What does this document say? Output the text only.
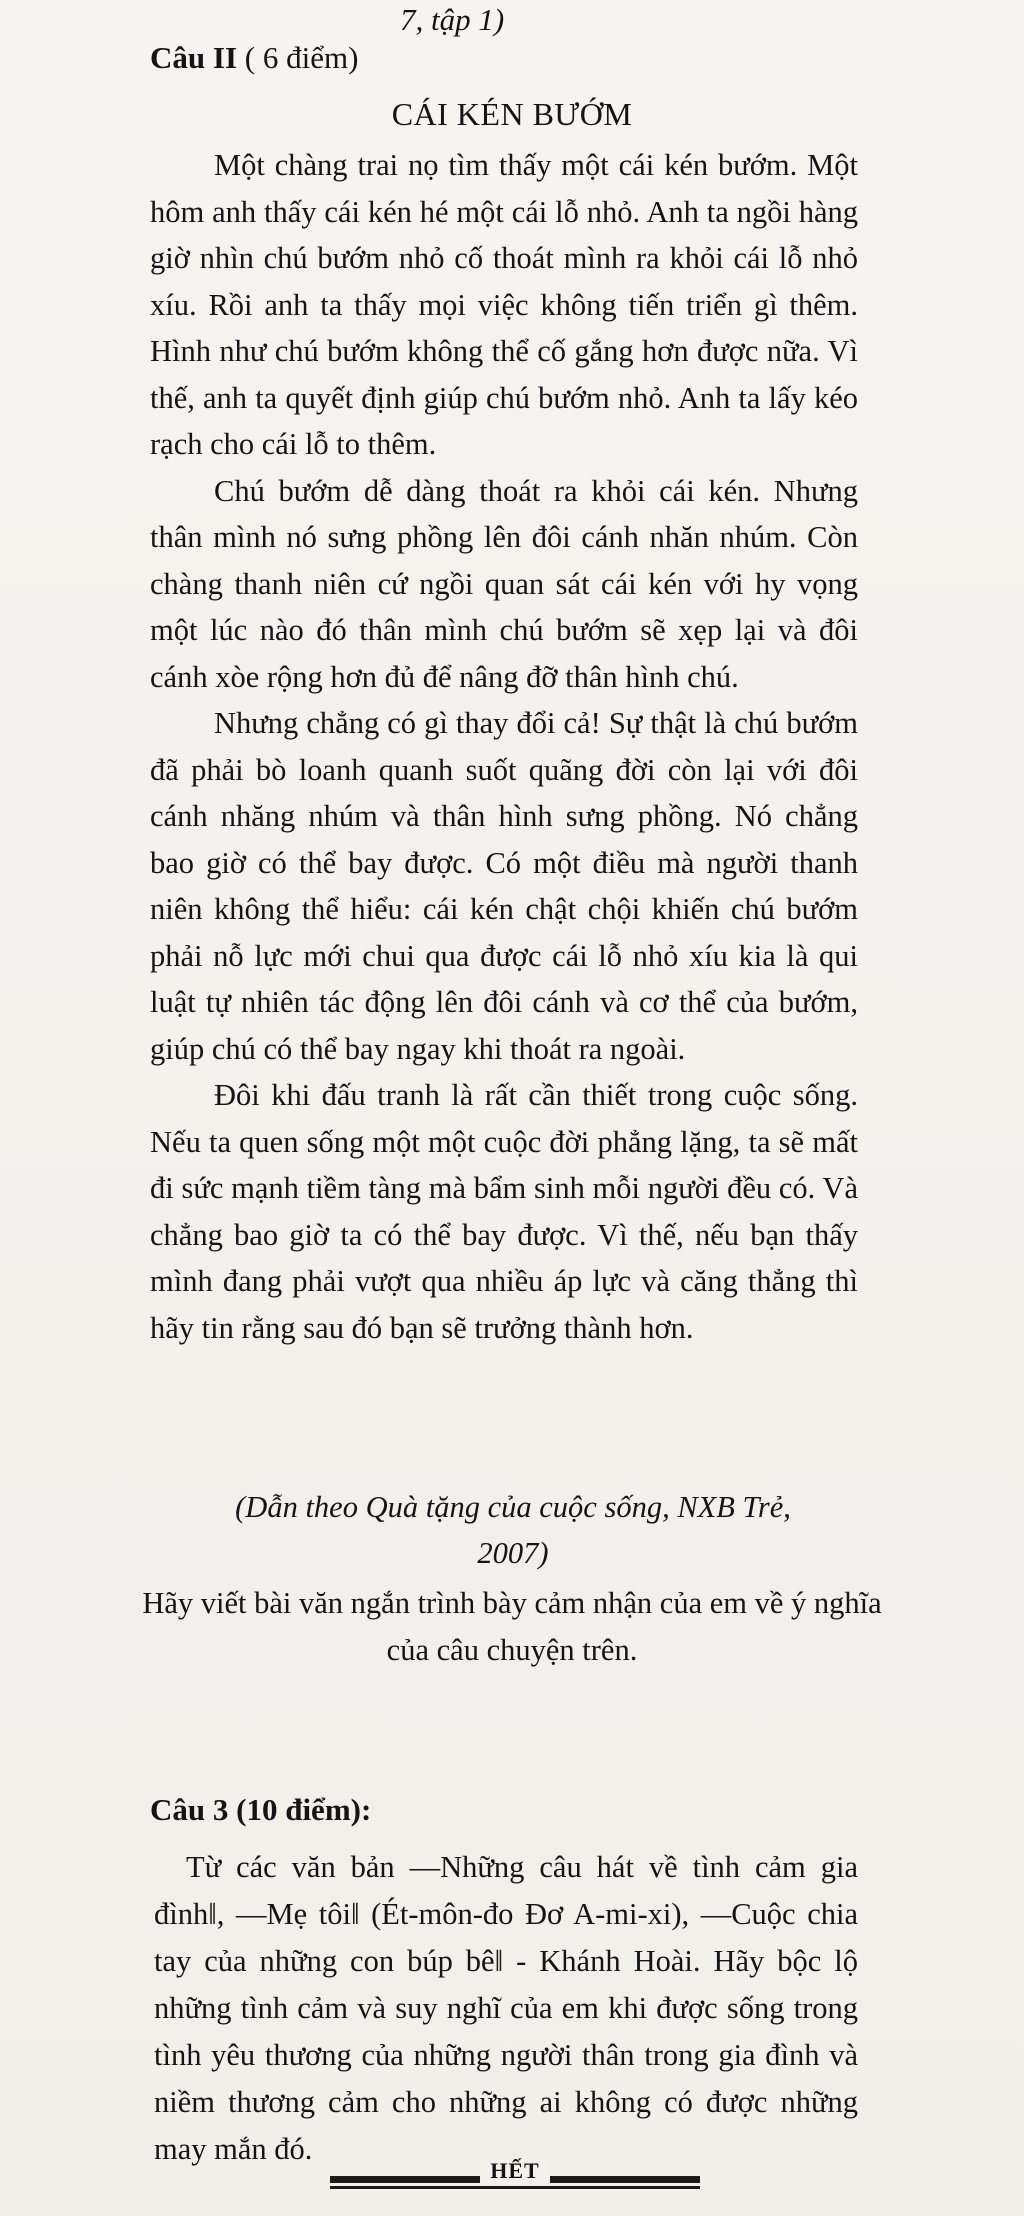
7, tập 1)
Câu II ( 6 điểm)
CÁI KÉN BƯỚM

Một chàng trai nọ tìm thấy một cái kén bướm. Một hôm anh thấy cái kén hé một cái lỗ nhỏ. Anh ta ngồi hàng giờ nhìn chú bướm nhỏ cố thoát mình ra khỏi cái lỗ nhỏ xíu. Rồi anh ta thấy mọi việc không tiến triển gì thêm. Hình như chú bướm không thể cố gắng hơn được nữa. Vì thế, anh ta quyết định giúp chú bướm nhỏ. Anh ta lấy kéo rạch cho cái lỗ to thêm.

Chú bướm dễ dàng thoát ra khỏi cái kén. Nhưng thân mình nó sưng phồng lên đôi cánh nhăn nhúm. Còn chàng thanh niên cứ ngồi quan sát cái kén với hy vọng một lúc nào đó thân mình chú bướm sẽ xẹp lại và đôi cánh xòe rộng hơn đủ để nâng đỡ thân hình chú.

Nhưng chẳng có gì thay đổi cả! Sự thật là chú bướm đã phải bò loanh quanh suốt quãng đời còn lại với đôi cánh nhăng nhúm và thân hình sưng phồng. Nó chẳng bao giờ có thể bay được. Có một điều mà người thanh niên không thể hiểu: cái kén chật chội khiến chú bướm phải nỗ lực mới chui qua được cái lỗ nhỏ xíu kia là qui luật tự nhiên tác động lên đôi cánh và cơ thể của bướm, giúp chú có thể bay ngay khi thoát ra ngoài.

Đôi khi đấu tranh là rất cần thiết trong cuộc sống. Nếu ta quen sống một một cuộc đời phẳng lặng, ta sẽ mất đi sức mạnh tiềm tàng mà bẩm sinh mỗi người đều có. Và chẳng bao giờ ta có thể bay được. Vì thế, nếu bạn thấy mình đang phải vượt qua nhiều áp lực và căng thẳng thì hãy tin rằng sau đó bạn sẽ trưởng thành hơn.

(Dẫn theo Quà tặng của cuộc sống, NXB Trẻ,
2007)
Hãy viết bài văn ngắn trình bày cảm nhận của em về ý nghĩa
của câu chuyện trên.
Câu 3 (10 điểm):

Từ các văn bản ―Những câu hát về tình cảm gia đình‖, ―Mẹ tôi‖ (Ét-môn-đo Đơ A-mi-xi), ―Cuộc chia tay của những con búp bê‖ - Khánh Hoài. Hãy bộc lộ những tình cảm và suy nghĩ của em khi được sống trong tình yêu thương của những người thân trong gia đình và niềm thương cảm cho những ai không có được những may mắn đó.

HẾT
